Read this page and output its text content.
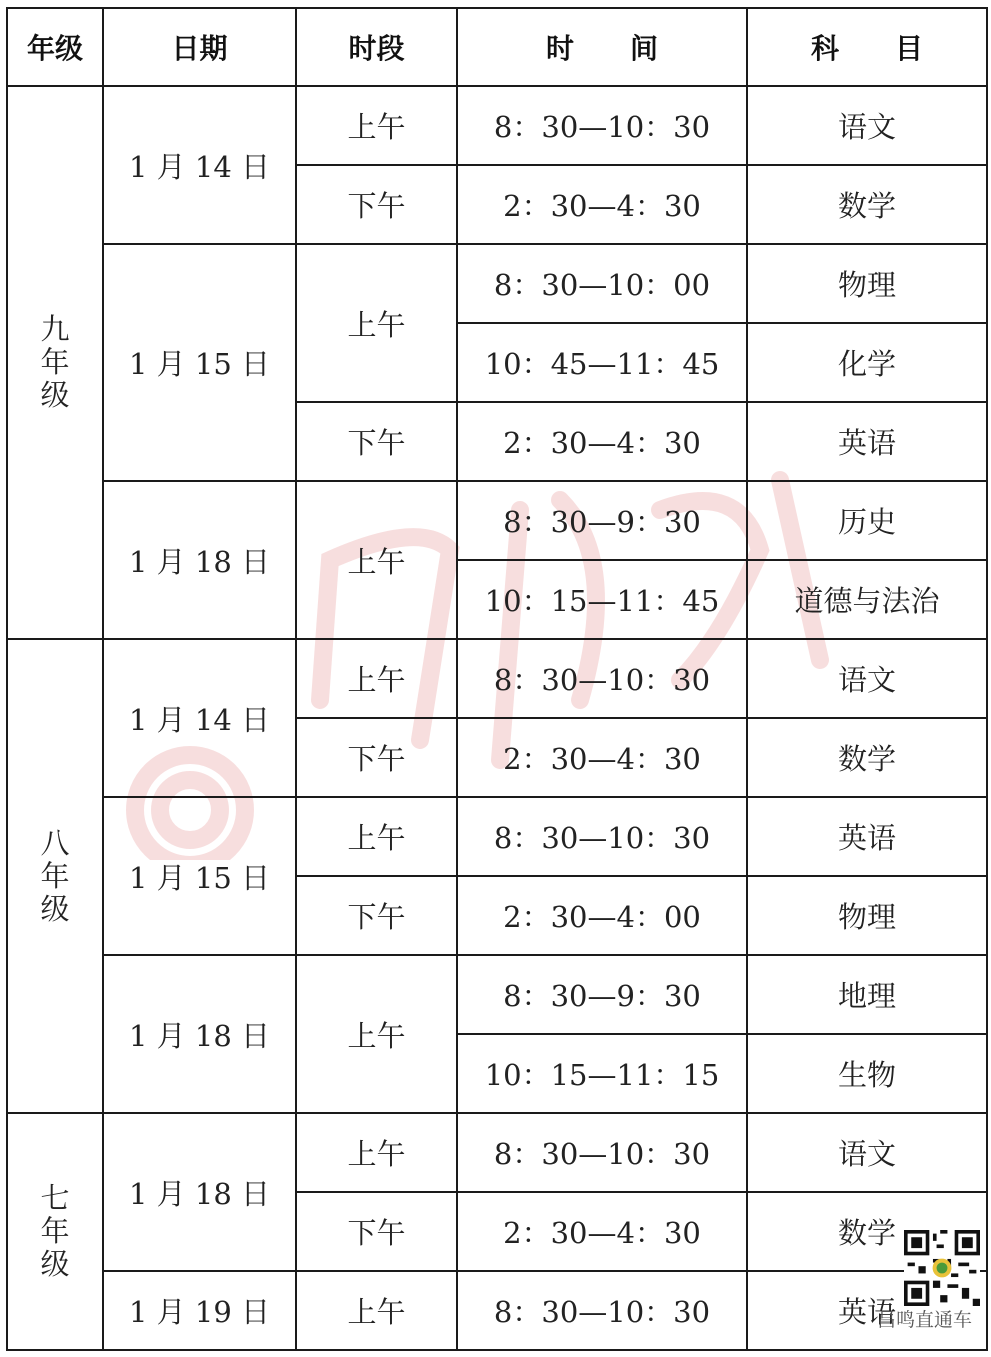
年级	日期	时段	时　　间	科　　目

九
年
级	1 月 14 日	上午	8：30—10：30	语文
		下午	2：30—4：30	数学
	1 月 15 日	上午	8：30—10：00	物理
			10：45—11：45	化学
		下午	2：30—4：30	英语
	1 月 18 日	上午	8：30—9：30	历史
			10：15—11：45	道德与法治

八
年
级	1 月 14 日	上午	8：30—10：30	语文
		下午	2：30—4：30	数学
	1 月 15 日	上午	8：30—10：30	英语
		下午	2：30—4：00	物理
	1 月 18 日	上午	8：30—9：30	地理
			10：15—11：15	生物

七
年
级	1 月 18 日	上午	8：30—10：30	语文
		下午	2：30—4：30	数学
	1 月 19 日	上午	8：30—10：30	英语
昌鸣直通车
